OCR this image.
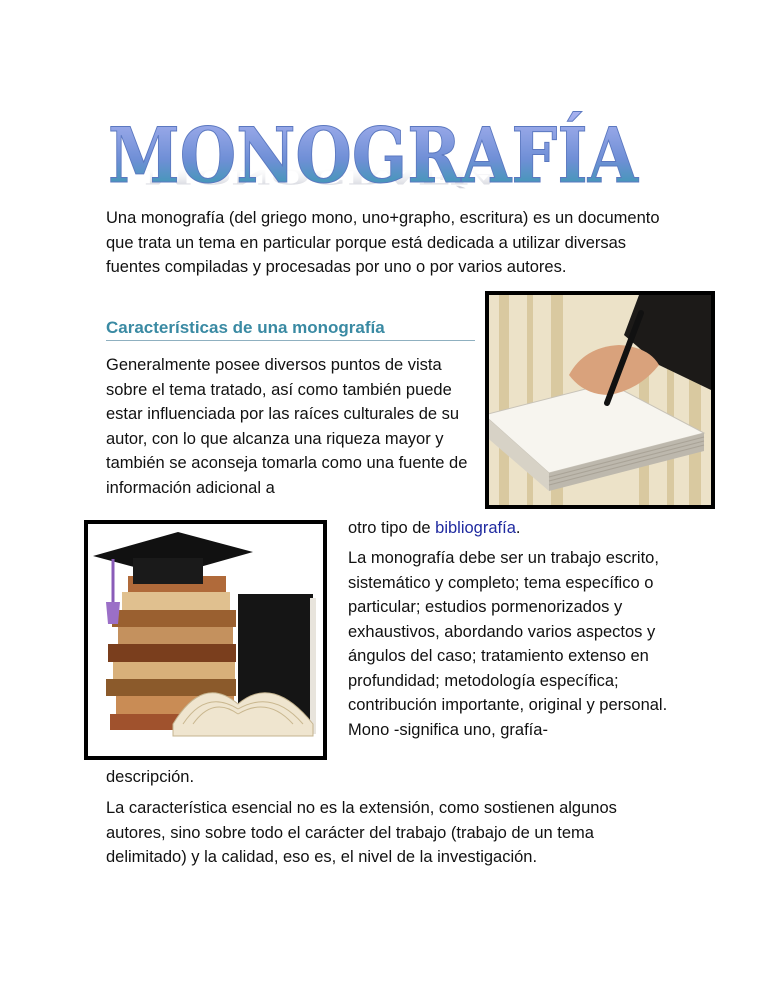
MONOGRAFÍA
MONOGRAF

Una monografía (del griego mono, uno+grapho, escritura) es un documento que trata un tema en particular porque está dedicada a utilizar diversas fuentes compiladas y procesadas por uno o por varios autores.

Características de una monografía

Generalmente posee diversos puntos de vista sobre el tema tratado, así como también puede estar influenciada por las raíces culturales de su autor, con lo que alcanza una riqueza mayor y también se aconseja tomarla como una fuente de información adicional a

otro tipo de bibliografía.

La monografía debe ser un trabajo escrito, sistemático y completo; tema específico o particular; estudios pormenorizados y exhaustivos, abordando varios aspectos y ángulos del caso; tratamiento extenso en profundidad; metodología específica; contribución importante, original y personal. Mono -significa uno, grafía-

descripción.

La característica esencial no es la extensión, como sostienen algunos autores, sino sobre todo el carácter del trabajo (trabajo de un tema delimitado) y la calidad, eso es, el nivel de la investigación.
